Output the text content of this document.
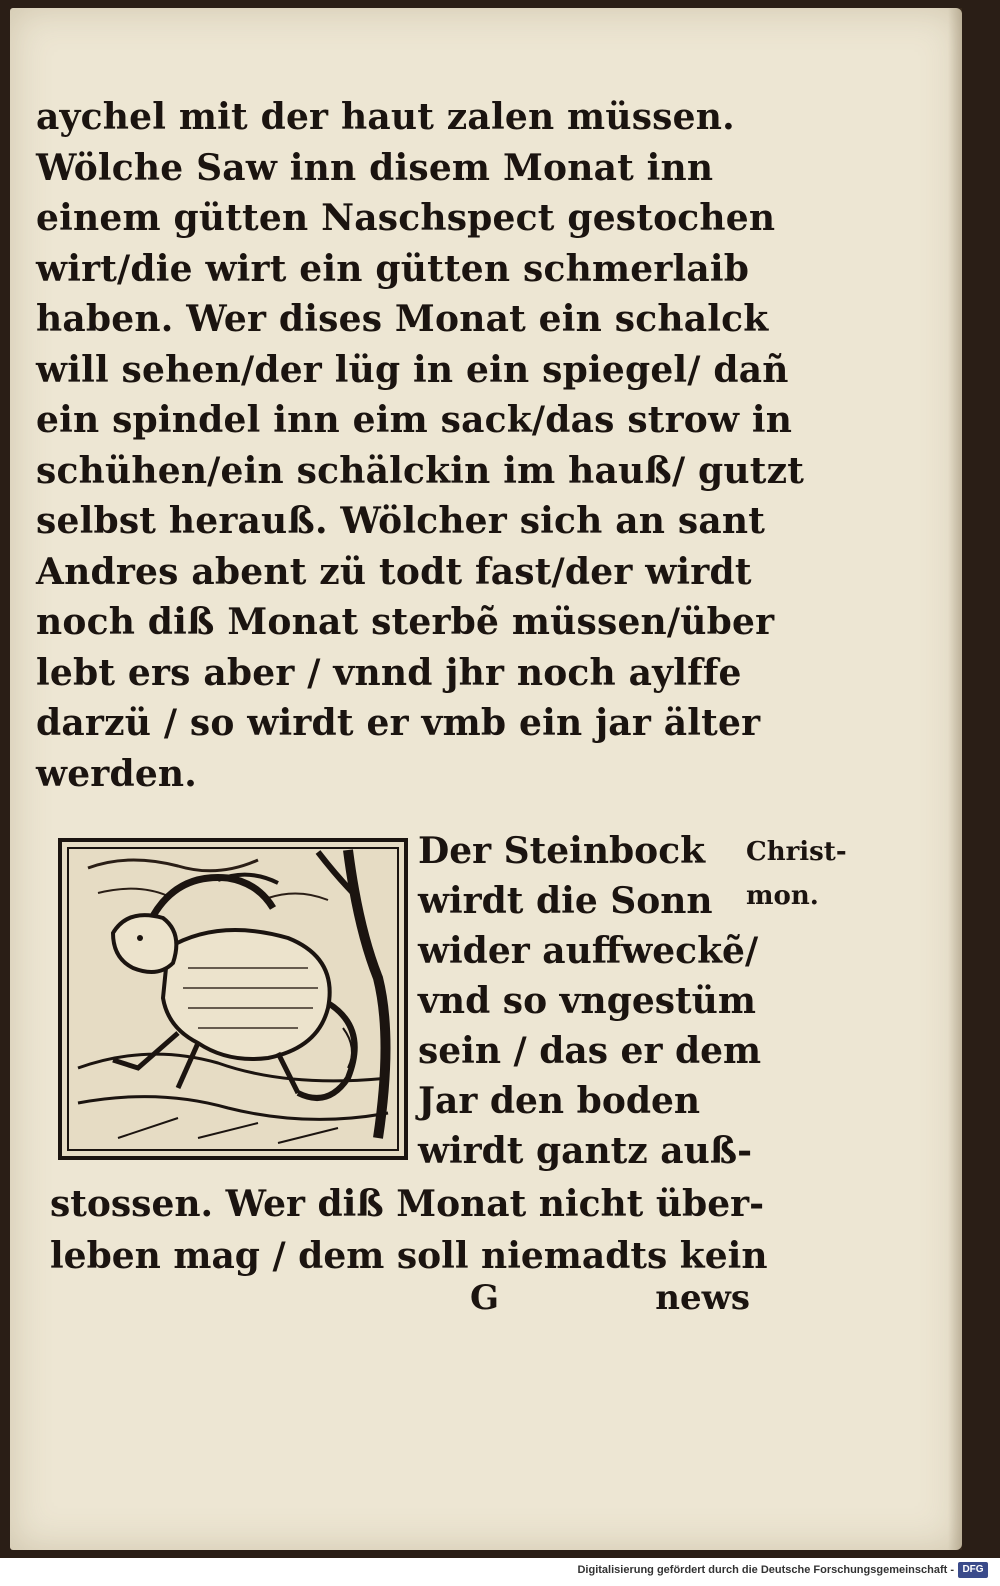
aychel mit der haut zalen müssen.
Wölche Saw inn disem Monat inn
einem gütten Naschspect gestochen
wirt/die wirt ein gütten schmerlaib
haben. Wer dises Monat ein schalck
will sehen/der lüg in ein spiegel/ dañ
ein spindel inn eim sack/das strow in
schühen/ein schälckin im hauß/ gutzt
selbst herauß. Wölcher sich an sant
Andres abent zü todt fast/der wirdt
noch diß Monat sterbẽ müssen/über
lebt ers aber / vnnd jhr noch aylffe
darzü / so wirdt er vmb ein jar älter
werden.
Der Steinbock
wirdt die Sonn
wider auffweckẽ/
vnd so vngestüm
sein / das er dem
Jar den boden
wirdt gantz auß-
Christ-
mon.
stossen. Wer diß Monat nicht über-
leben mag / dem soll niemadts kein
G	news
Digitalisierung gefördert durch die Deutsche Forschungsgemeinschaft - DFG
